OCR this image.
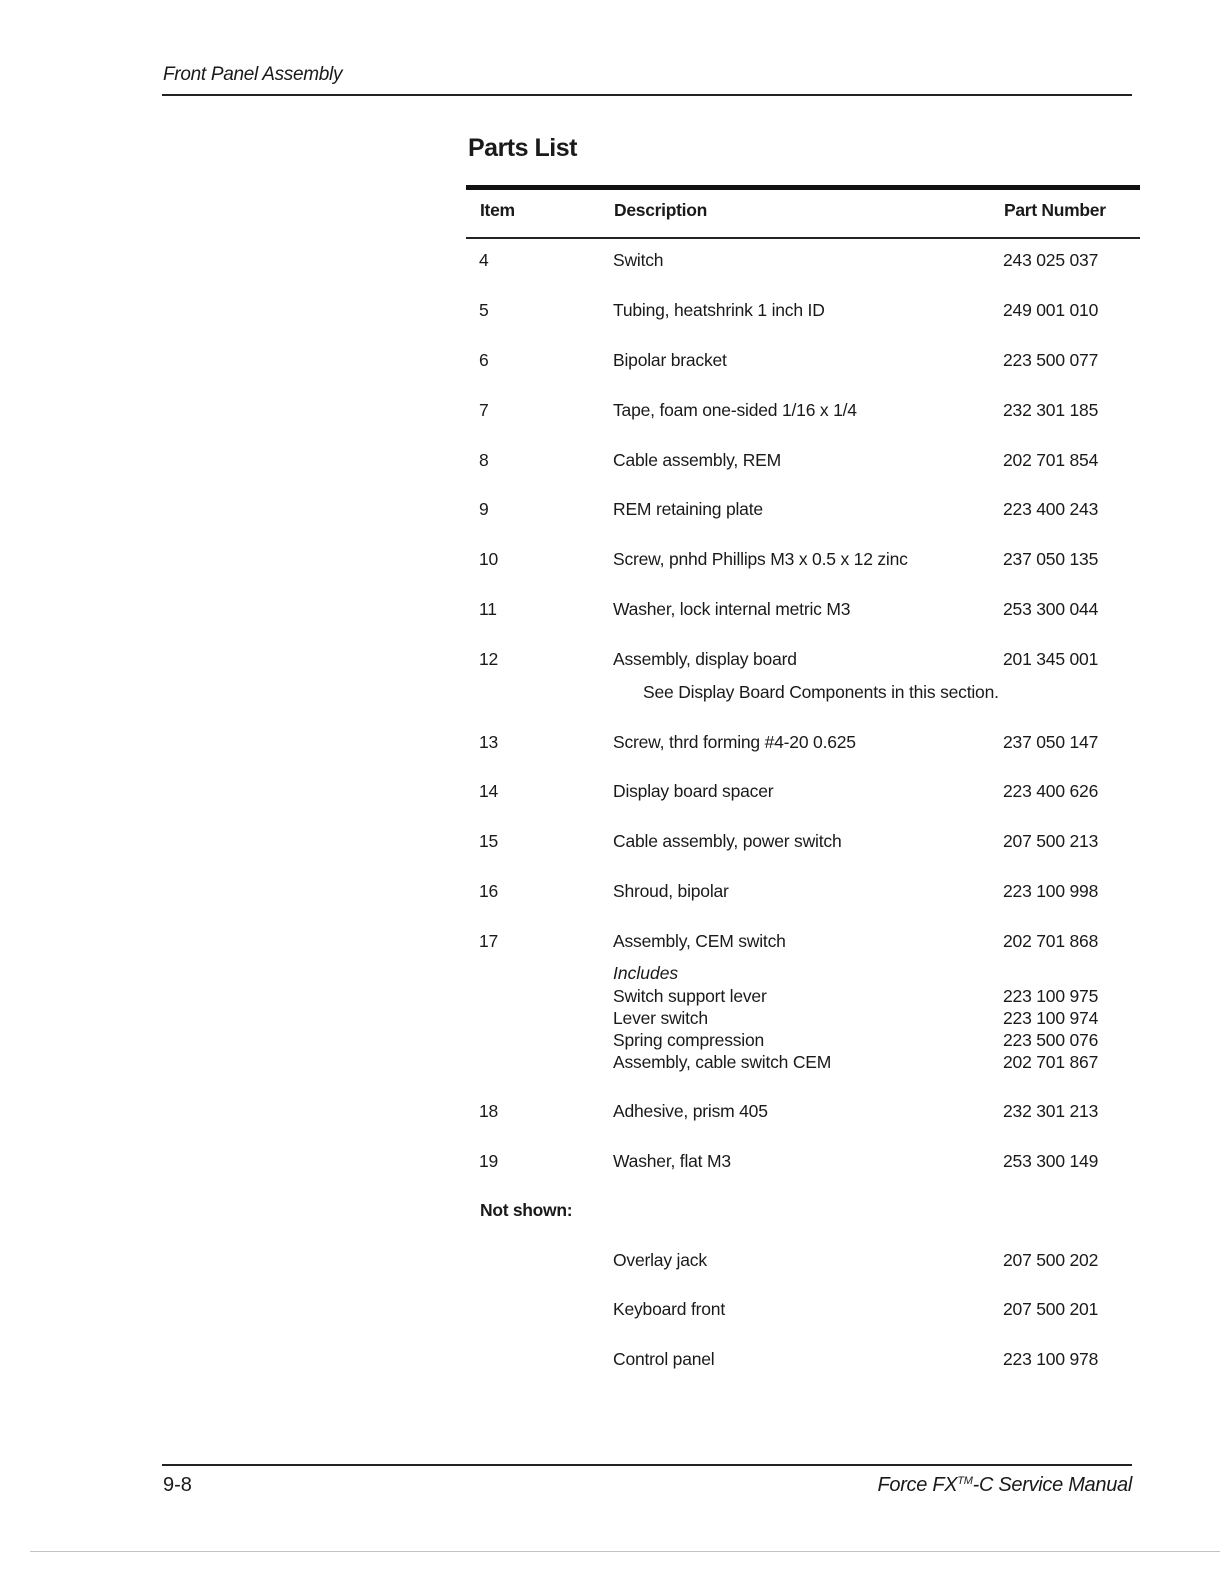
Front Panel Assembly
Parts List
Item	Description	Part Number
4	Switch	243 025 037
5	Tubing, heatshrink 1 inch ID	249 001 010
6	Bipolar bracket	223 500 077
7	Tape, foam one-sided 1/16 x 1/4	232 301 185
8	Cable assembly, REM	202 701 854
9	REM retaining plate	223 400 243
10	Screw, pnhd Phillips M3 x 0.5 x 12 zinc	237 050 135
11	Washer, lock internal metric M3	253 300 044
12	Assembly, display board	201 345 001
See Display Board Components in this section.
13	Screw, thrd forming #4-20 0.625	237 050 147
14	Display board spacer	223 400 626
15	Cable assembly, power switch	207 500 213
16	Shroud, bipolar	223 100 998
17	Assembly, CEM switch	202 701 868
Includes
Switch support lever	223 100 975
Lever switch	223 100 974
Spring compression	223 500 076
Assembly, cable switch CEM	202 701 867
18	Adhesive, prism 405	232 301 213
19	Washer, flat M3	253 300 149
Not shown:
Overlay jack	207 500 202
Keyboard front	207 500 201
Control panel	223 100 978
9-8	Force FX™-C Service Manual
